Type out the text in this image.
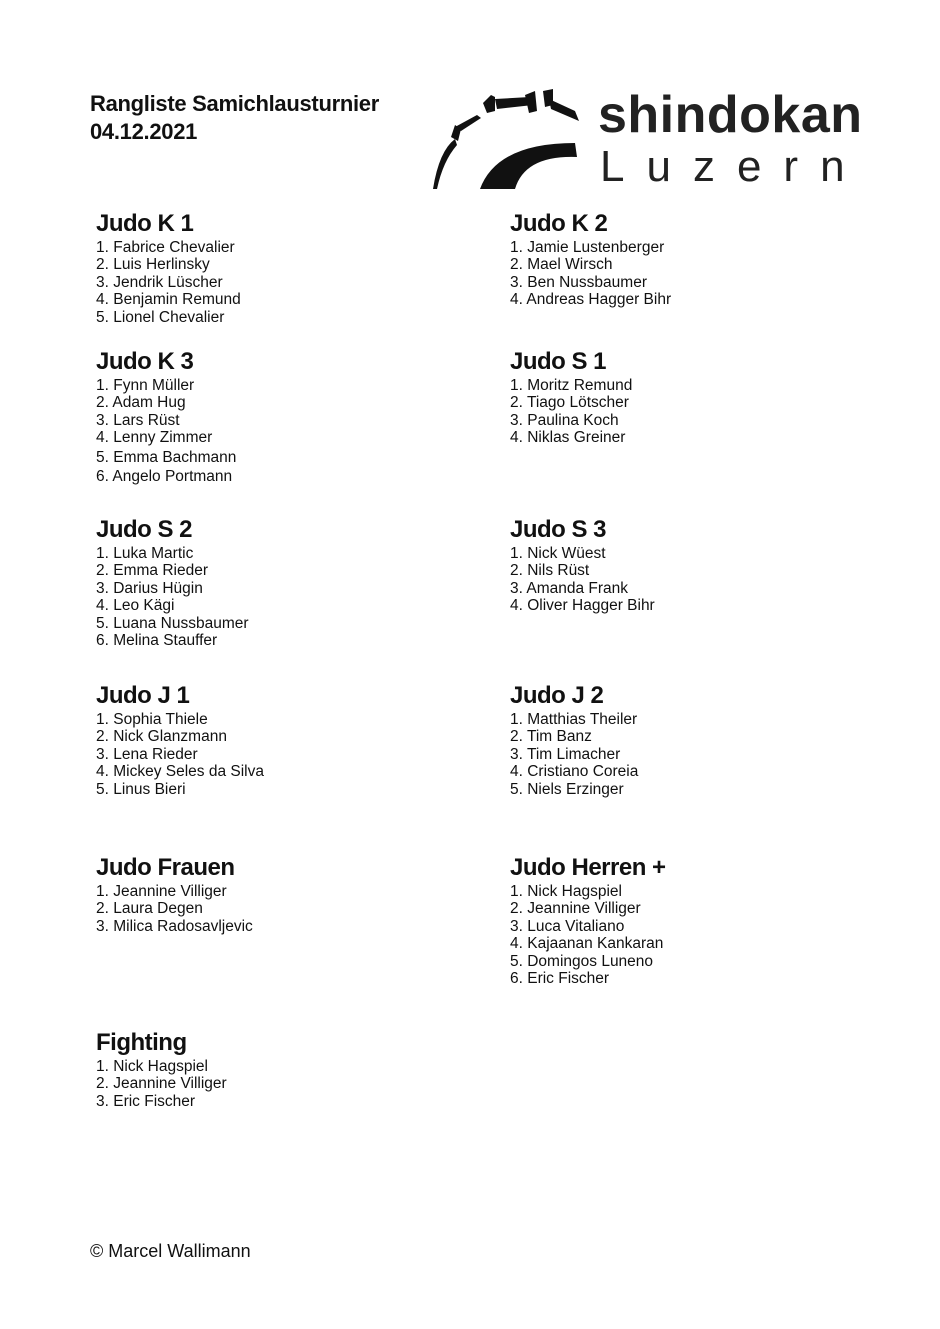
Rangliste Samichlausturnier
04.12.2021	shindokan
Luzern
Judo K 1
1. Fabrice Chevalier
2. Luis Herlinsky
3. Jendrik Lüscher
4. Benjamin Remund
5. Lionel Chevalier
Judo K 2
1. Jamie Lustenberger
2. Mael Wirsch
3. Ben Nussbaumer
4. Andreas Hagger Bihr
Judo K 3
1. Fynn Müller
2. Adam Hug
3. Lars Rüst
4. Lenny Zimmer
5. Emma Bachmann
6. Angelo Portmann
Judo S 1
1. Moritz Remund
2. Tiago Lötscher
3. Paulina Koch
4. Niklas Greiner
Judo S 2
1. Luka Martic
2. Emma Rieder
3. Darius Hügin
4. Leo Kägi
5. Luana Nussbaumer
6. Melina Stauffer
Judo S 3
1. Nick Wüest
2. Nils Rüst
3. Amanda Frank
4. Oliver Hagger Bihr
Judo J 1
1. Sophia Thiele
2. Nick Glanzmann
3. Lena Rieder
4. Mickey Seles da Silva
5. Linus Bieri
Judo J 2
1. Matthias Theiler
2. Tim Banz
3. Tim Limacher
4. Cristiano Coreia
5. Niels Erzinger
Judo Frauen
1. Jeannine Villiger
2. Laura Degen
3. Milica Radosavljevic
Judo Herren +
1. Nick Hagspiel
2. Jeannine Villiger
3. Luca Vitaliano
4. Kajaanan Kankaran
5. Domingos Luneno
6. Eric Fischer
Fighting
1. Nick Hagspiel
2. Jeannine Villiger
3. Eric Fischer
© Marcel Wallimann
